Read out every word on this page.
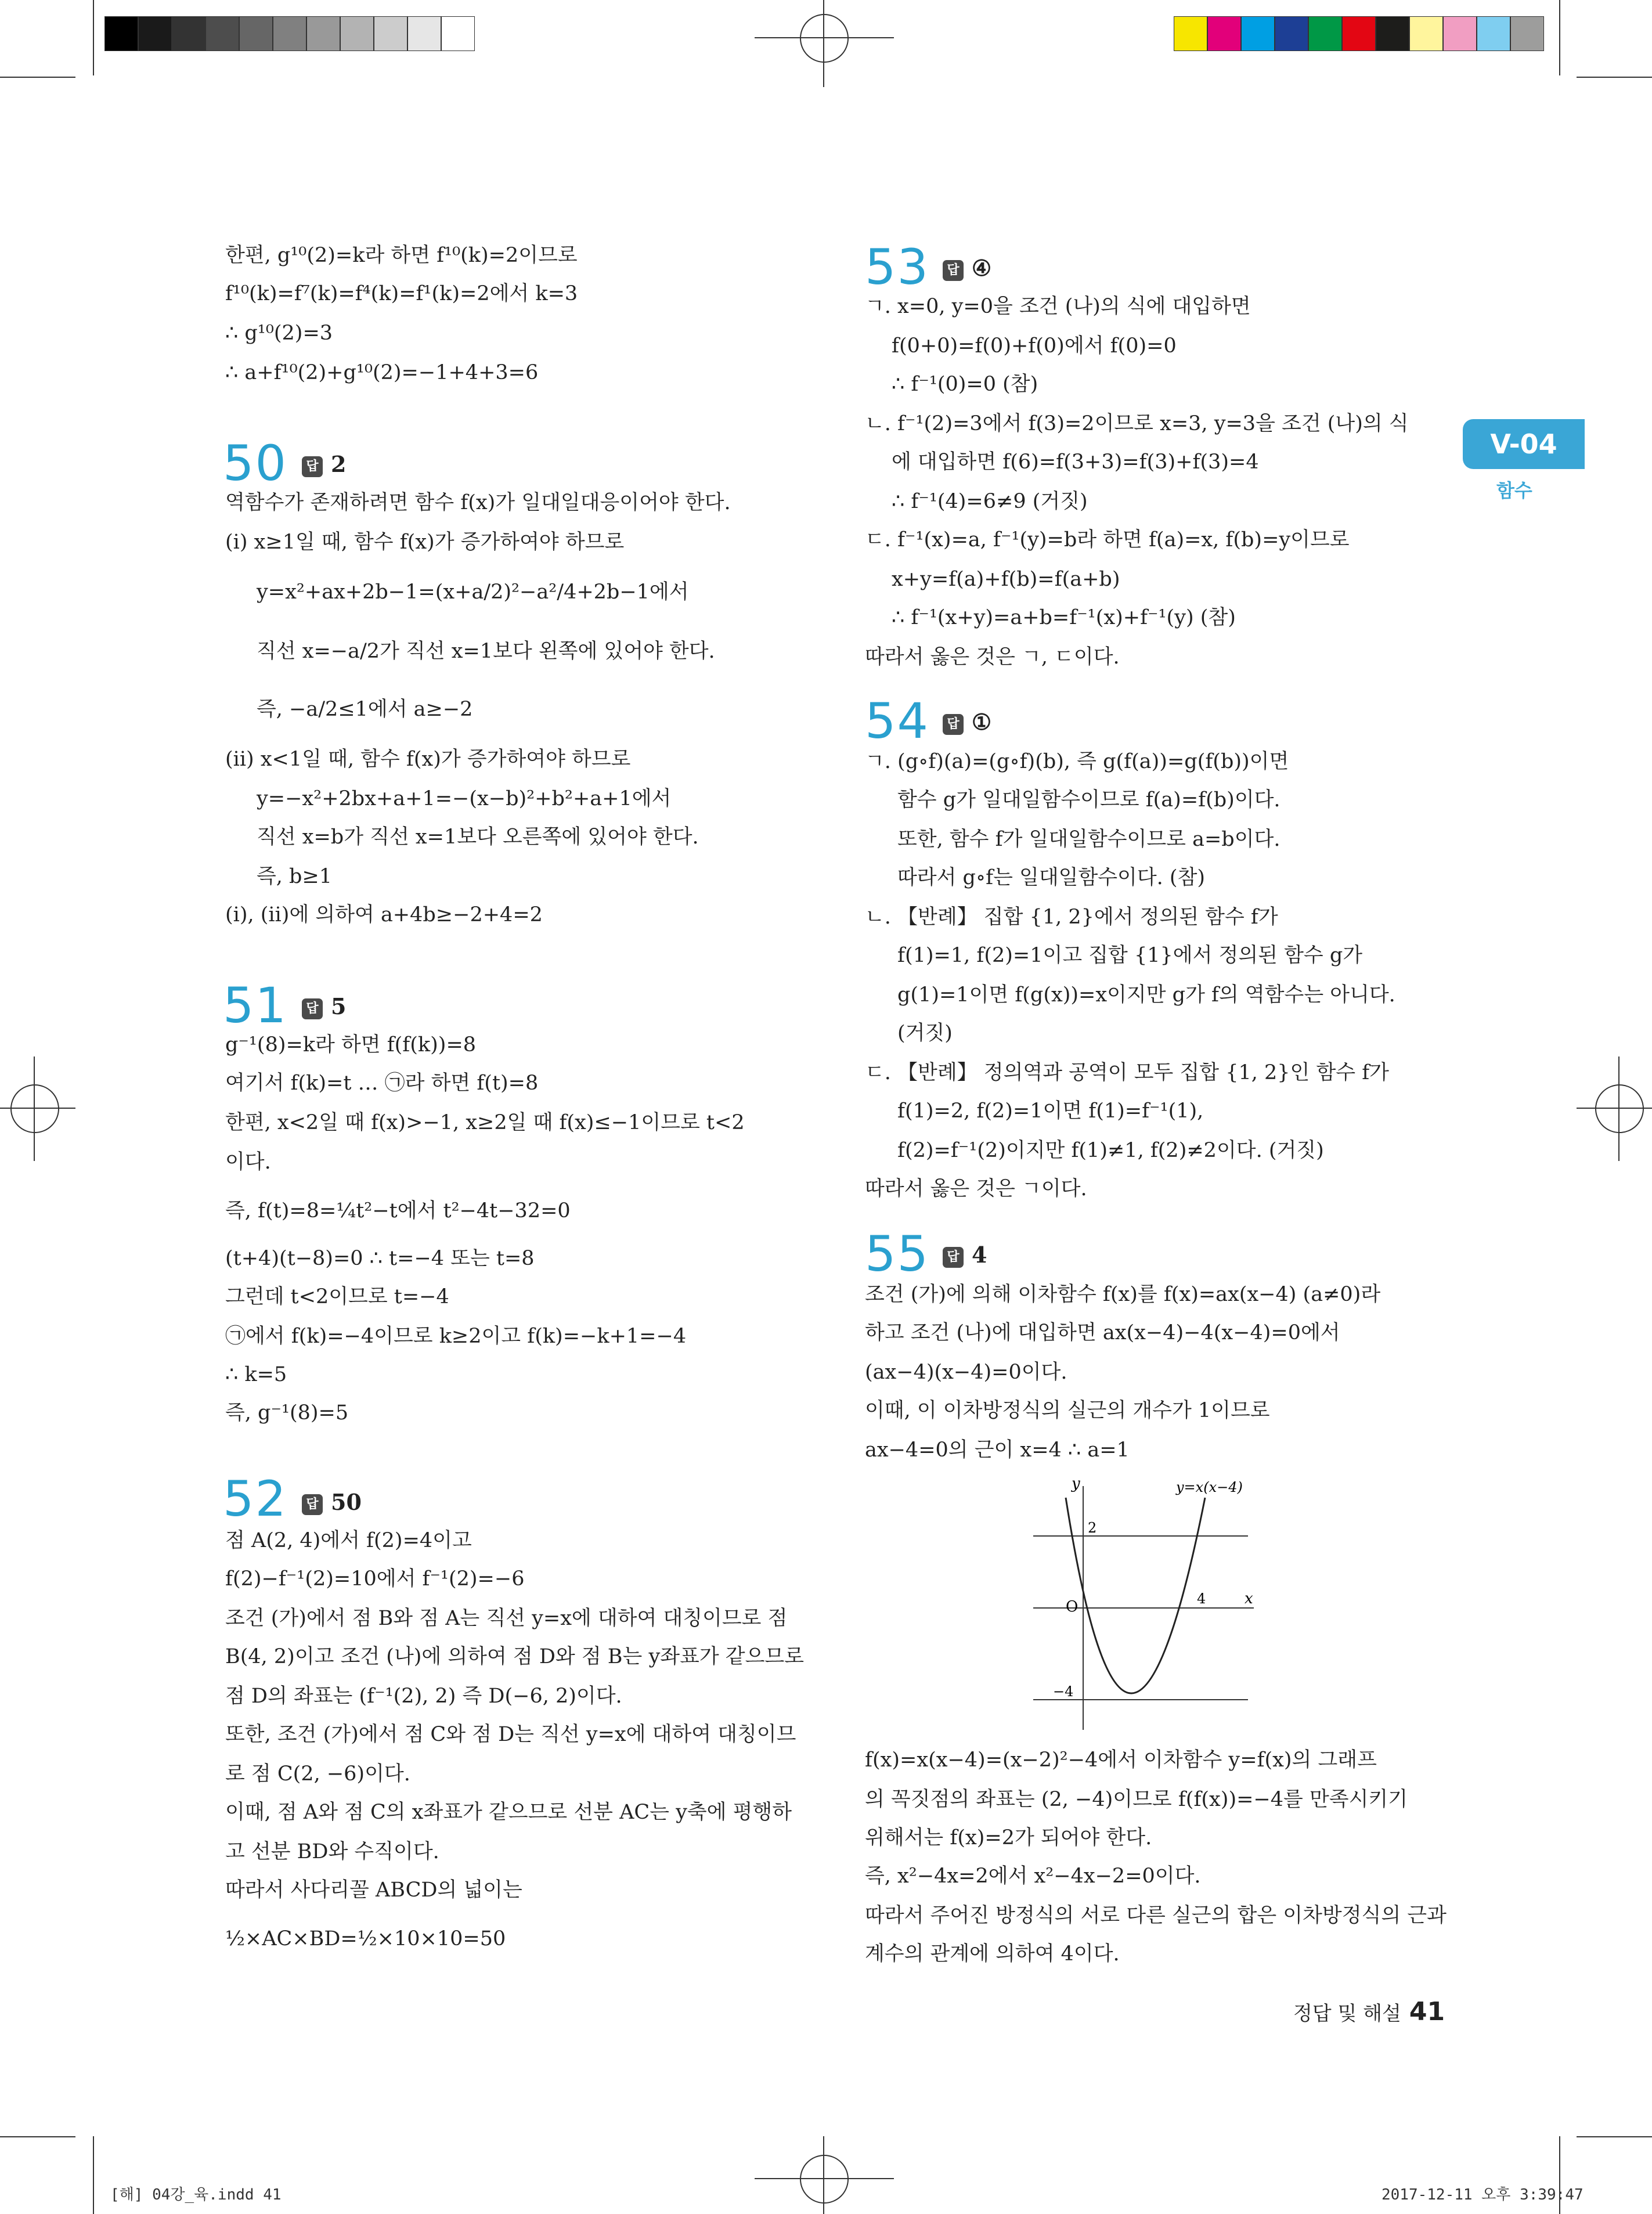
V-04
함수
한편, g¹⁰(2)=k라 하면 f¹⁰(k)=2이므로
f¹⁰(k)=f⁷(k)=f⁴(k)=f¹(k)=2에서 k=3
∴ g¹⁰(2)=3
∴ a+f¹⁰(2)+g¹⁰(2)=−1+4+3=6
50	답 2
역함수가 존재하려면 함수 f(x)가 일대일대응이어야 한다.
(ⅰ) x≥1일 때, 함수 f(x)가 증가하여야 하므로
y=x²+ax+2b−1=(x+a/2)²−a²/4+2b−1에서
직선 x=−a/2가 직선 x=1보다 왼쪽에 있어야 한다.
즉, −a/2≤1에서 a≥−2
(ⅱ) x<1일 때, 함수 f(x)가 증가하여야 하므로
y=−x²+2bx+a+1=−(x−b)²+b²+a+1에서
직선 x=b가 직선 x=1보다 오른쪽에 있어야 한다.
즉, b≥1
(ⅰ), (ⅱ)에 의하여 a+4b≥−2+4=2
51	답 5
g⁻¹(8)=k라 하면 f(f(k))=8
여기서 f(k)=t … ㉠라 하면 f(t)=8
한편, x<2일 때 f(x)>−1, x≥2일 때 f(x)≤−1이므로 t<2
이다.
즉, f(t)=8=¼t²−t에서 t²−4t−32=0
(t+4)(t−8)=0 ∴ t=−4 또는 t=8
그런데 t<2이므로 t=−4
㉠에서 f(k)=−4이므로 k≥2이고 f(k)=−k+1=−4
∴ k=5
즉, g⁻¹(8)=5
52	답 50
점 A(2, 4)에서 f(2)=4이고
f(2)−f⁻¹(2)=10에서 f⁻¹(2)=−6
조건 (가)에서 점 B와 점 A는 직선 y=x에 대하여 대칭이므로 점
B(4, 2)이고 조건 (나)에 의하여 점 D와 점 B는 y좌표가 같으므로
점 D의 좌표는 (f⁻¹(2), 2) 즉 D(−6, 2)이다.
또한, 조건 (가)에서 점 C와 점 D는 직선 y=x에 대하여 대칭이므
로 점 C(2, −6)이다.
이때, 점 A와 점 C의 x좌표가 같으므로 선분 AC는 y축에 평행하
고 선분 BD와 수직이다.
따라서 사다리꼴 ABCD의 넓이는
½×AC×BD=½×10×10=50
53	답 ④
ㄱ. x=0, y=0을 조건 (나)의 식에 대입하면
f(0+0)=f(0)+f(0)에서 f(0)=0
∴ f⁻¹(0)=0 (참)
ㄴ. f⁻¹(2)=3에서 f(3)=2이므로 x=3, y=3을 조건 (나)의 식
에 대입하면 f(6)=f(3+3)=f(3)+f(3)=4
∴ f⁻¹(4)=6≠9 (거짓)
ㄷ. f⁻¹(x)=a, f⁻¹(y)=b라 하면 f(a)=x, f(b)=y이므로
x+y=f(a)+f(b)=f(a+b)
∴ f⁻¹(x+y)=a+b=f⁻¹(x)+f⁻¹(y) (참)
따라서 옳은 것은 ㄱ, ㄷ이다.
54	답 ①
ㄱ. (g∘f)(a)=(g∘f)(b), 즉 g(f(a))=g(f(b))이면
함수 g가 일대일함수이므로 f(a)=f(b)이다.
또한, 함수 f가 일대일함수이므로 a=b이다.
따라서 g∘f는 일대일함수이다. (참)
ㄴ. 【반례】 집합 {1, 2}에서 정의된 함수 f가
f(1)=1, f(2)=1이고 집합 {1}에서 정의된 함수 g가
g(1)=1이면 f(g(x))=x이지만 g가 f의 역함수는 아니다.
(거짓)
ㄷ. 【반례】 정의역과 공역이 모두 집합 {1, 2}인 함수 f가
f(1)=2, f(2)=1이면 f(1)=f⁻¹(1),
f(2)=f⁻¹(2)이지만 f(1)≠1, f(2)≠2이다. (거짓)
따라서 옳은 것은 ㄱ이다.
55	답 4
조건 (가)에 의해 이차함수 f(x)를 f(x)=ax(x−4) (a≠0)라
하고 조건 (나)에 대입하면 ax(x−4)−4(x−4)=0에서
(ax−4)(x−4)=0이다.
이때, 이 이차방정식의 실근의 개수가 1이므로
ax−4=0의 근이 x=4 ∴ a=1
y
x
O
2
4
−4
y=x(x−4)
f(x)=x(x−4)=(x−2)²−4에서 이차함수 y=f(x)의 그래프
의 꼭짓점의 좌표는 (2, −4)이므로 f(f(x))=−4를 만족시키기
위해서는 f(x)=2가 되어야 한다.
즉, x²−4x=2에서 x²−4x−2=0이다.
따라서 주어진 방정식의 서로 다른 실근의 합은 이차방정식의 근과
계수의 관계에 의하여 4이다.
정답 및 해설 41
[해] 04강_육.indd 41	2017-12-11 오후 3:39:47
